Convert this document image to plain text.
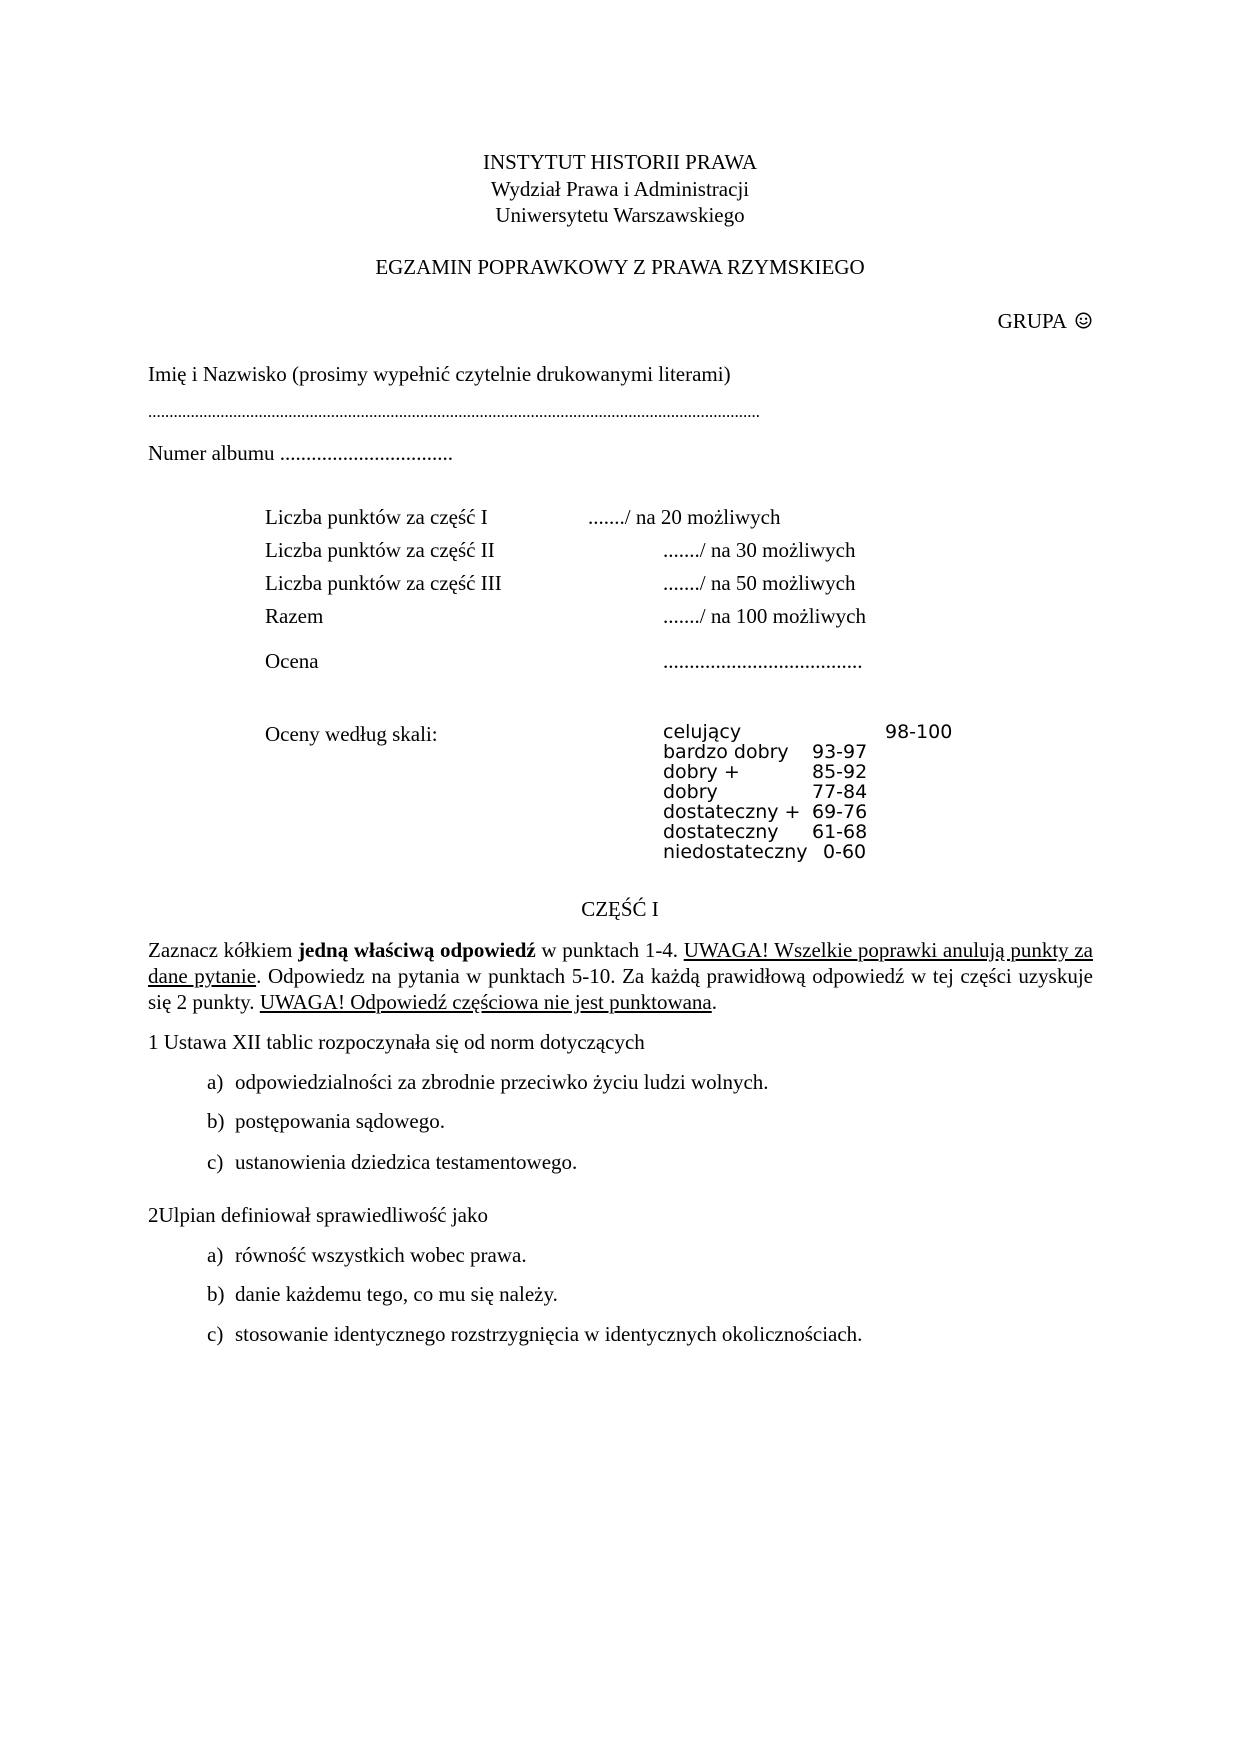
INSTYTUT HISTORII PRAWA
Wydział Prawa i Administracji
Uniwersytetu Warszawskiego
EGZAMIN POPRAWKOWY Z PRAWA RZYMSKIEGO
GRUPA
Imię i Nazwisko (prosimy wypełnić czytelnie drukowanymi literami)
................................................................................................................................................
Numer albumu .................................
Liczba punktów za część I	......./ na 20 możliwych
Liczba punktów za część II	......./ na 30 możliwych
Liczba punktów za część III	......./ na 50 możliwych
Razem	......./ na 100 możliwych
Ocena	......................................
Oceny według skali:	celujący	98-100
bardzo dobry 93-97
dobry +	85-92
dobry	77-84
dostateczny + 69-76
dostateczny 61-68
niedostateczny 0-60
CZĘŚĆ I
Zaznacz kółkiem jedną właściwą odpowiedź w punktach 1-4. UWAGA! Wszelkie poprawki anulują punkty za dane pytanie. Odpowiedz na pytania w punktach 5-10. Za każdą prawidłową odpowiedź w tej części uzyskuje się 2 punkty. UWAGA! Odpowiedź częściowa nie jest punktowana.
1 Ustawa XII tablic rozpoczynała się od norm dotyczących
a) odpowiedzialności za zbrodnie przeciwko życiu ludzi wolnych.
b) postępowania sądowego.
c) ustanowienia dziedzica testamentowego.
2Ulpian definiował sprawiedliwość jako
a) równość wszystkich wobec prawa.
b) danie każdemu tego, co mu się należy.
c) stosowanie identycznego rozstrzygnięcia w identycznych okolicznościach.
